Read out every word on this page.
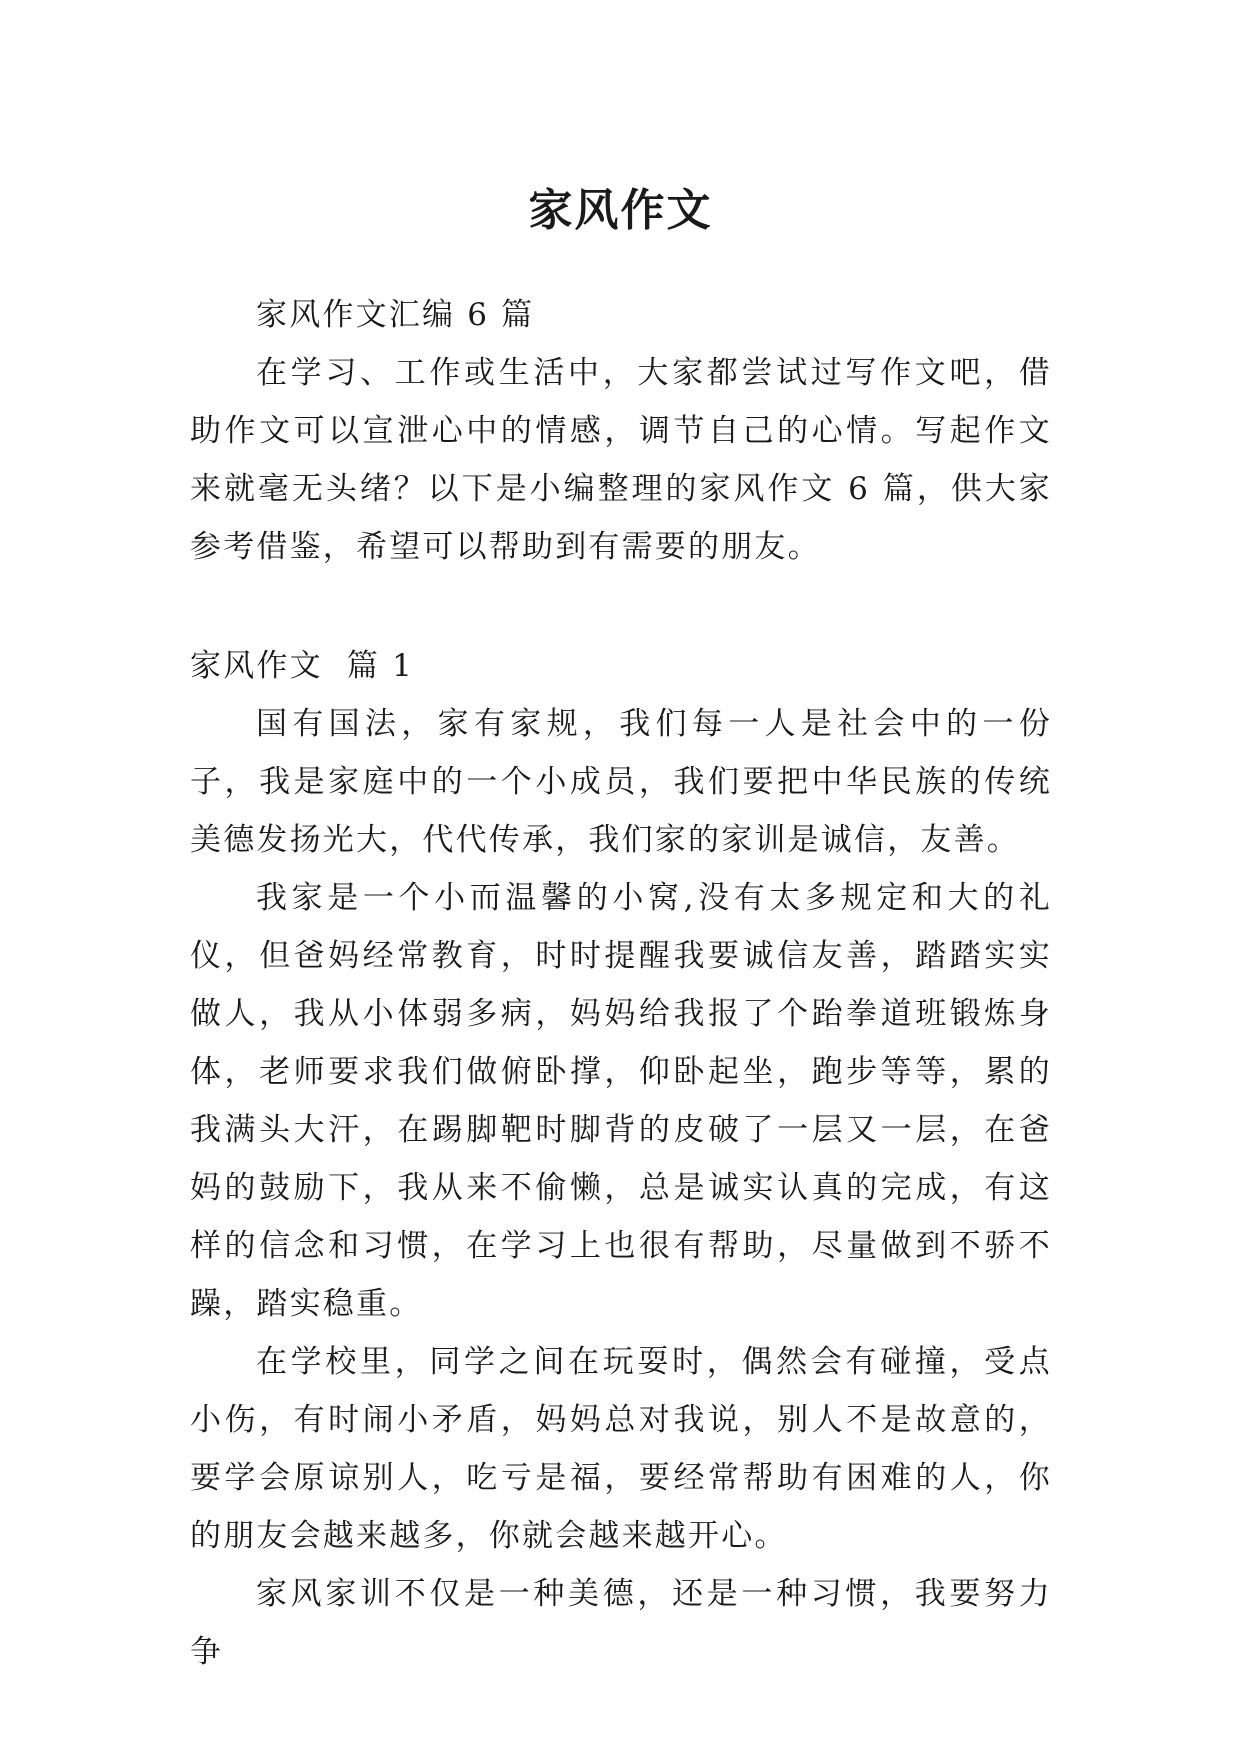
家风作文

家风作文汇编 6 篇

在学习、工作或生活中，大家都尝试过写作文吧，借助作文可以宣泄心中的情感，调节自己的心情。写起作文来就毫无头绪？以下是小编整理的家风作文 6 篇，供大家参考借鉴，希望可以帮助到有需要的朋友。

家风作文  篇 1

国有国法，家有家规，我们每一人是社会中的一份子，我是家庭中的一个小成员，我们要把中华民族的传统美德发扬光大，代代传承，我们家的家训是诚信，友善。

我家是一个小而温馨的小窝,没有太多规定和大的礼仪，但爸妈经常教育，时时提醒我要诚信友善，踏踏实实做人，我从小体弱多病，妈妈给我报了个跆拳道班锻炼身体，老师要求我们做俯卧撑，仰卧起坐，跑步等等，累的我满头大汗，在踢脚靶时脚背的皮破了一层又一层，在爸妈的鼓励下，我从来不偷懒，总是诚实认真的完成，有这样的信念和习惯，在学习上也很有帮助，尽量做到不骄不躁，踏实稳重。

在学校里，同学之间在玩耍时，偶然会有碰撞，受点小伤，有时闹小矛盾，妈妈总对我说，别人不是故意的，要学会原谅别人，吃亏是福，要经常帮助有困难的人，你的朋友会越来越多，你就会越来越开心。

家风家训不仅是一种美德，还是一种习惯，我要努力争
